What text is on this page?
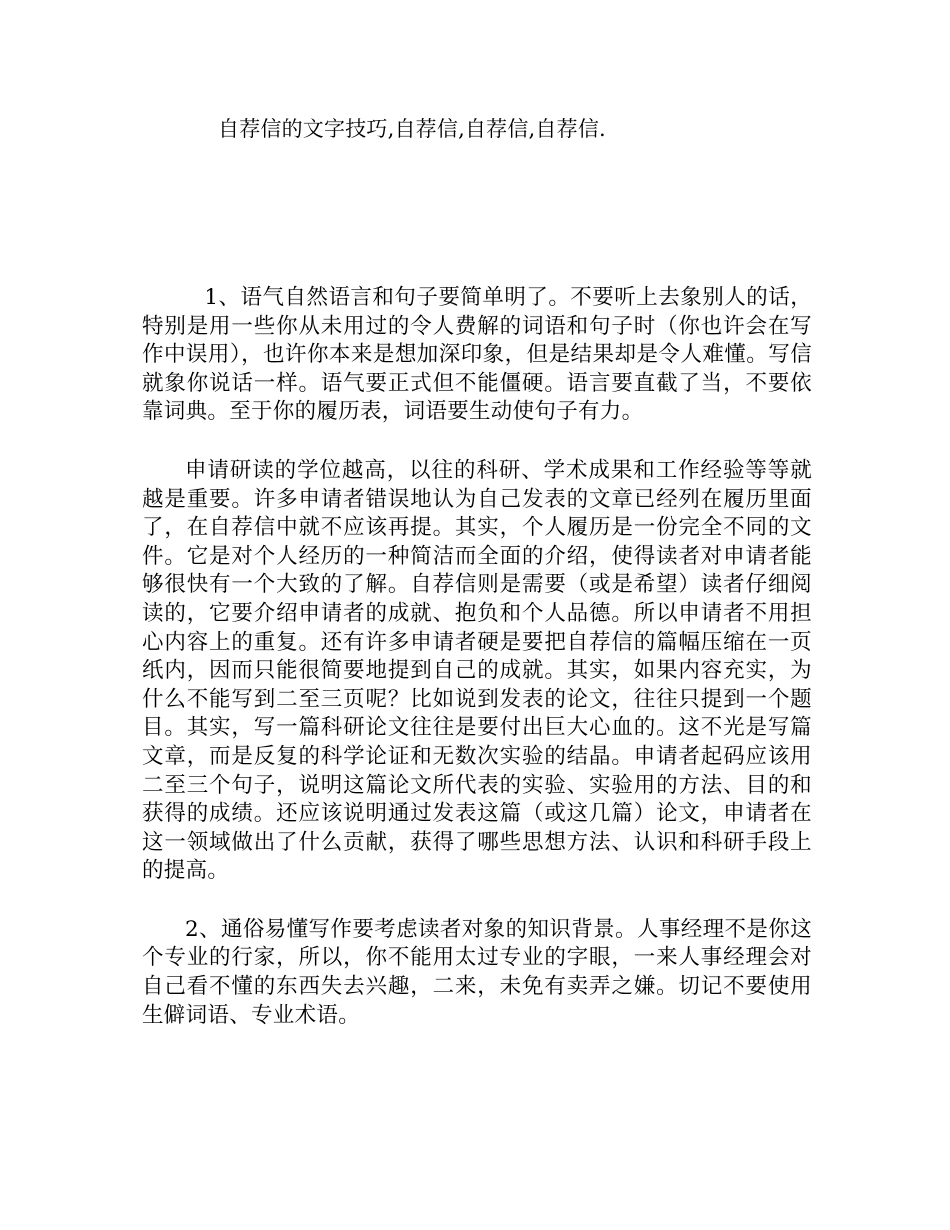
自荐信的文字技巧,自荐信,自荐信,自荐信.

1、语气自然语言和句子要简单明了。不要听上去象别人的话，特别是用一些你从未用过的令人费解的词语和句子时（你也许会在写作中误用），也许你本来是想加深印象，但是结果却是令人难懂。写信就象你说话一样。语气要正式但不能僵硬。语言要直截了当，不要依靠词典。至于你的履历表，词语要生动使句子有力。

申请研读的学位越高，以往的科研、学术成果和工作经验等等就越是重要。许多申请者错误地认为自己发表的文章已经列在履历里面了，在自荐信中就不应该再提。其实，个人履历是一份完全不同的文件。它是对个人经历的一种简洁而全面的介绍，使得读者对申请者能够很快有一个大致的了解。自荐信则是需要（或是希望）读者仔细阅读的，它要介绍申请者的成就、抱负和个人品德。所以申请者不用担心内容上的重复。还有许多申请者硬是要把自荐信的篇幅压缩在一页纸内，因而只能很简要地提到自己的成就。其实，如果内容充实，为什么不能写到二至三页呢？比如说到发表的论文，往往只提到一个题目。其实，写一篇科研论文往往是要付出巨大心血的。这不光是写篇文章，而是反复的科学论证和无数次实验的结晶。申请者起码应该用二至三个句子，说明这篇论文所代表的实验、实验用的方法、目的和获得的成绩。还应该说明通过发表这篇（或这几篇）论文，申请者在这一领域做出了什么贡献，获得了哪些思想方法、认识和科研手段上的提高。

2、通俗易懂写作要考虑读者对象的知识背景。人事经理不是你这个专业的行家，所以，你不能用太过专业的字眼，一来人事经理会对自己看不懂的东西失去兴趣，二来，未免有卖弄之嫌。切记不要使用生僻词语、专业术语。
